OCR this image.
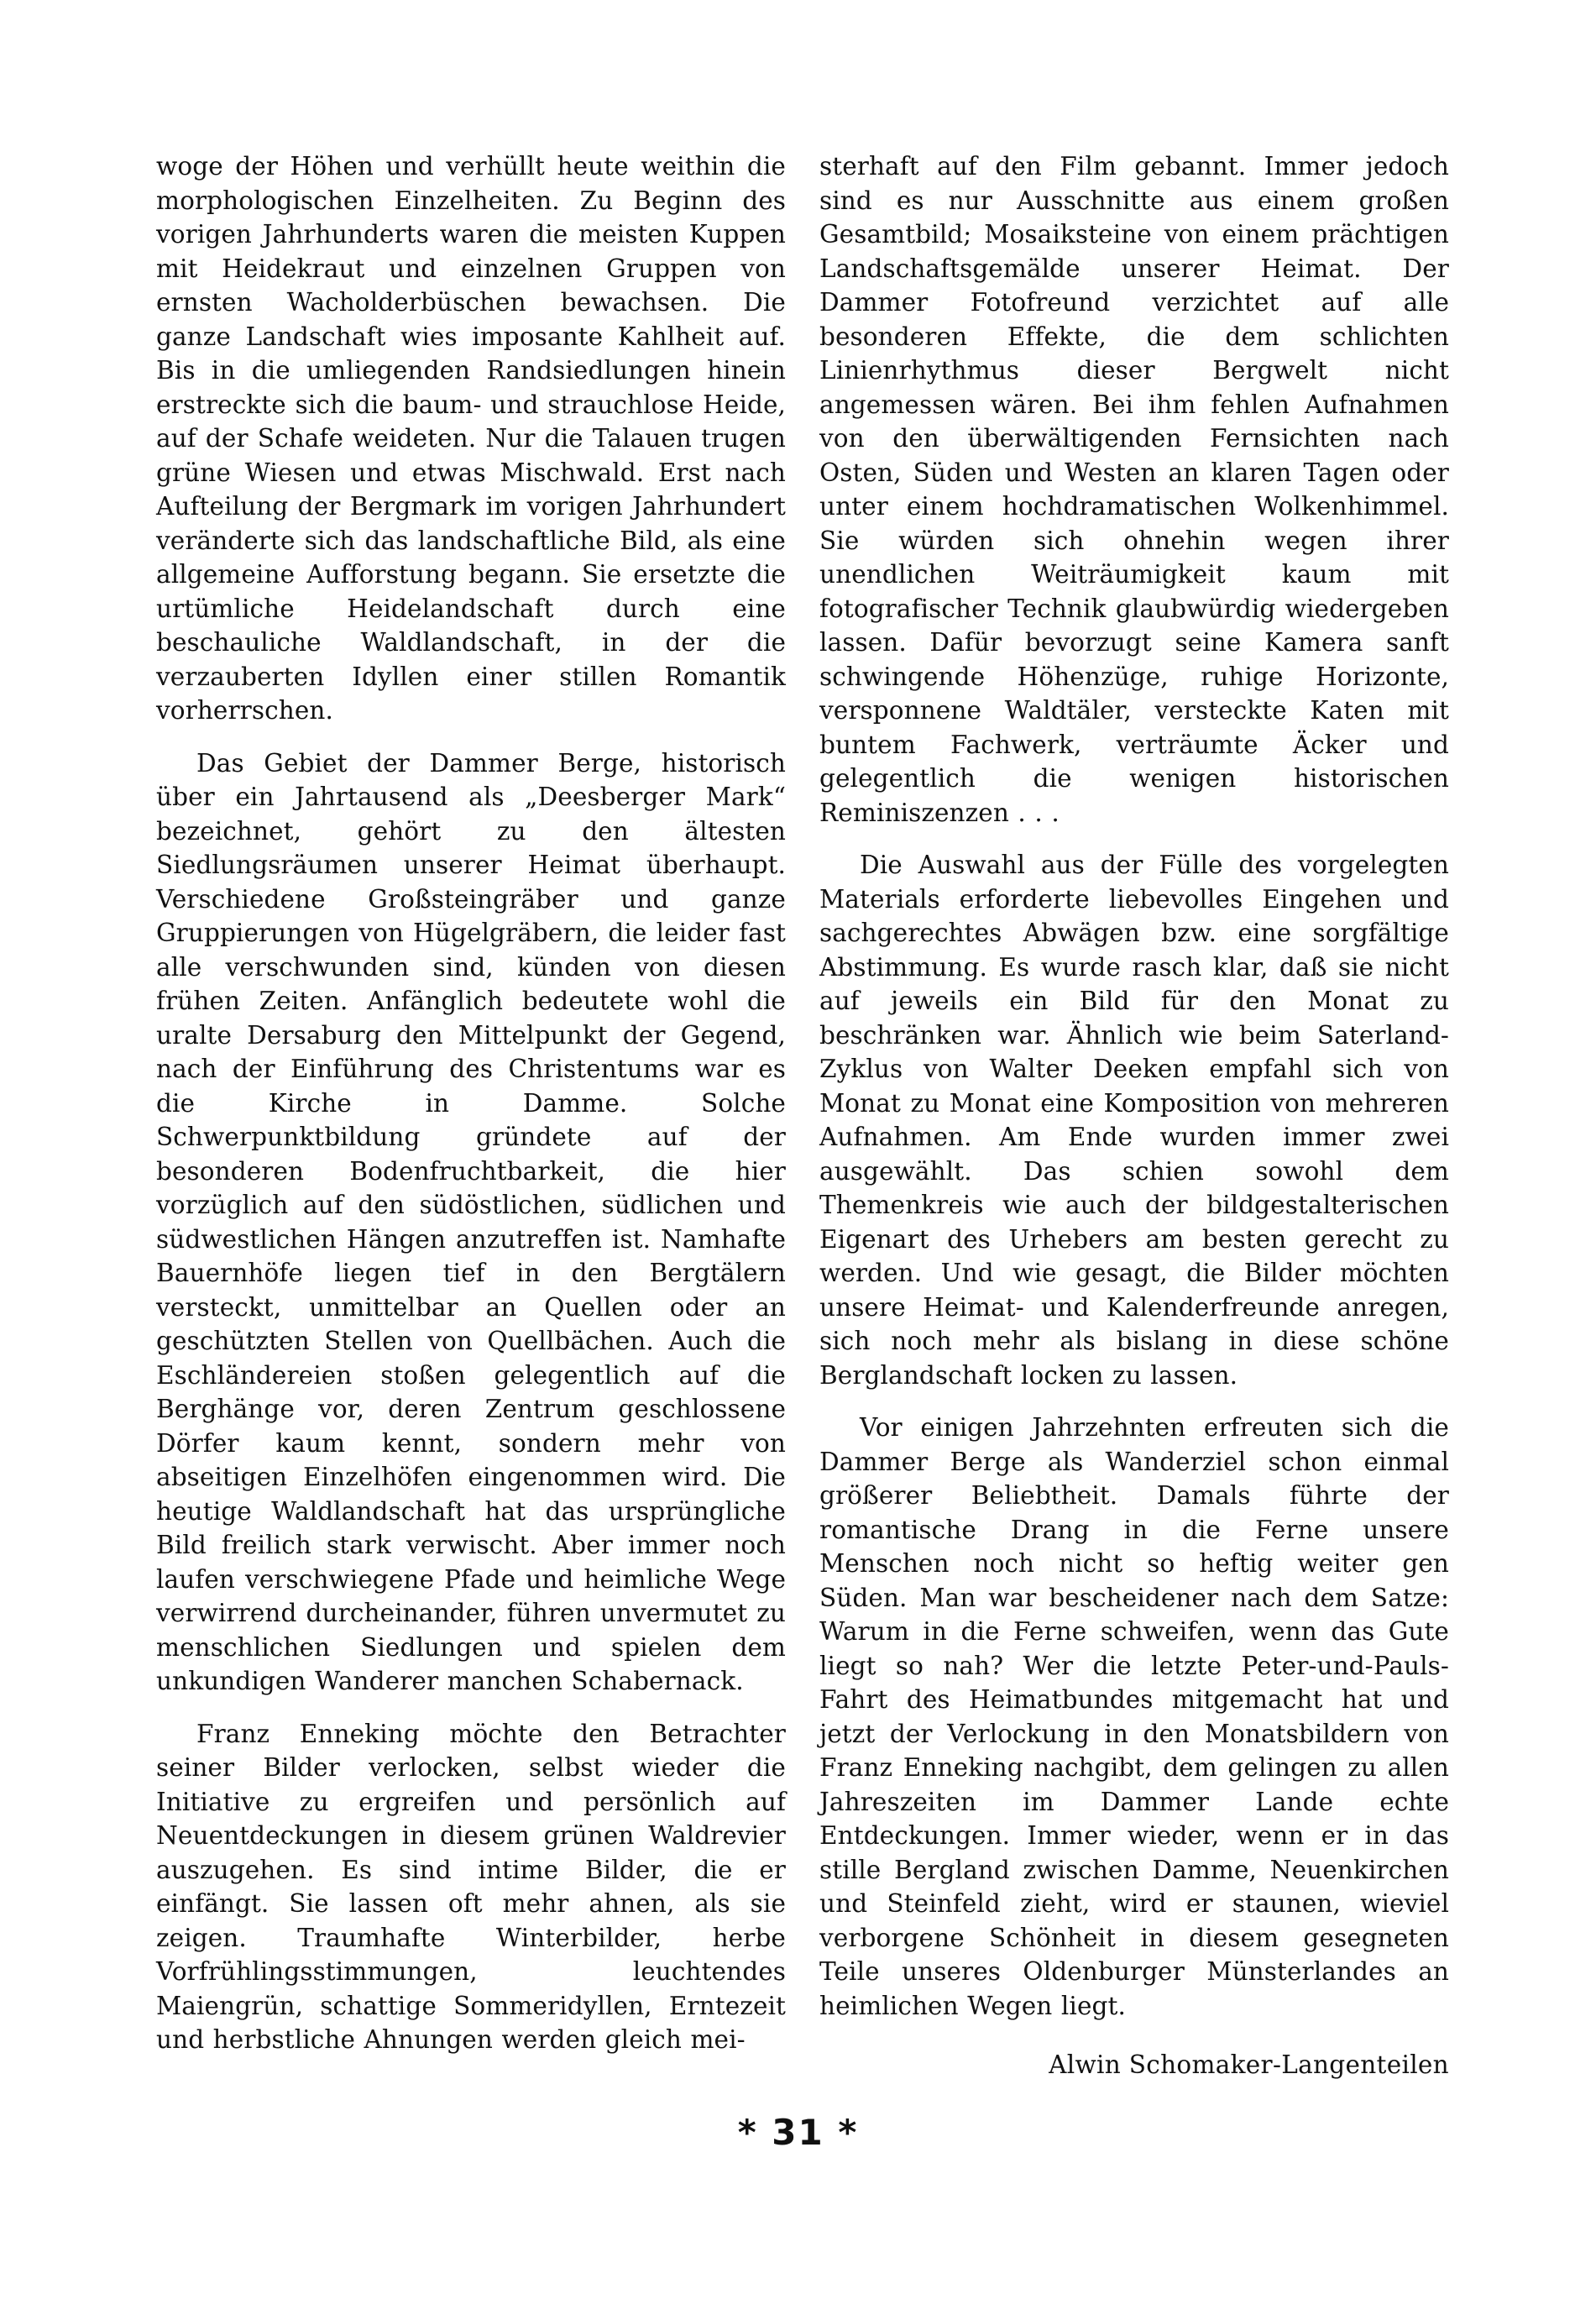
woge der Höhen und verhüllt heute weithin die morphologischen Einzelheiten. Zu Beginn des vorigen Jahrhunderts waren die meisten Kuppen mit Heidekraut und einzelnen Gruppen von ernsten Wacholderbüschen bewachsen. Die ganze Landschaft wies imposante Kahlheit auf. Bis in die umliegenden Randsiedlungen hinein erstreckte sich die baum- und strauchlose Heide, auf der Schafe weideten. Nur die Talauen trugen grüne Wiesen und etwas Mischwald. Erst nach Aufteilung der Bergmark im vorigen Jahrhundert veränderte sich das landschaftliche Bild, als eine allgemeine Aufforstung begann. Sie ersetzte die urtümliche Heidelandschaft durch eine beschauliche Waldlandschaft, in der die verzauberten Idyllen einer stillen Romantik vorherrschen.

Das Gebiet der Dammer Berge, historisch über ein Jahrtausend als „Deesberger Mark“ bezeichnet, gehört zu den ältesten Siedlungsräumen unserer Heimat überhaupt. Verschiedene Großsteingräber und ganze Gruppierungen von Hügelgräbern, die leider fast alle verschwunden sind, künden von diesen frühen Zeiten. Anfänglich bedeutete wohl die uralte Dersaburg den Mittelpunkt der Gegend, nach der Einführung des Christentums war es die Kirche in Damme. Solche Schwerpunktbildung gründete auf der besonderen Bodenfruchtbarkeit, die hier vorzüglich auf den südöstlichen, südlichen und südwestlichen Hängen anzutreffen ist. Namhafte Bauernhöfe liegen tief in den Bergtälern versteckt, unmittelbar an Quellen oder an geschützten Stellen von Quellbächen. Auch die Eschländereien stoßen gelegentlich auf die Berghänge vor, deren Zentrum geschlossene Dörfer kaum kennt, sondern mehr von abseitigen Einzelhöfen eingenommen wird. Die heutige Waldlandschaft hat das ursprüngliche Bild freilich stark verwischt. Aber immer noch laufen verschwiegene Pfade und heimliche Wege verwirrend durcheinander, führen unvermutet zu menschlichen Siedlungen und spielen dem unkundigen Wanderer manchen Schabernack.

Franz Enneking möchte den Betrachter seiner Bilder verlocken, selbst wieder die Initiative zu ergreifen und persönlich auf Neuentdeckungen in diesem grünen Waldrevier auszugehen. Es sind intime Bilder, die er einfängt. Sie lassen oft mehr ahnen, als sie zeigen. Traumhafte Winterbilder, herbe Vorfrühlingsstimmungen, leuchtendes Maiengrün, schattige Sommeridyllen, Erntezeit und herbstliche Ahnungen werden gleich mei-

sterhaft auf den Film gebannt. Immer jedoch sind es nur Ausschnitte aus einem großen Gesamtbild; Mosaiksteine von einem prächtigen Landschaftsgemälde unserer Heimat. Der Dammer Fotofreund verzichtet auf alle besonderen Effekte, die dem schlichten Linienrhythmus dieser Bergwelt nicht angemessen wären. Bei ihm fehlen Aufnahmen von den überwältigenden Fernsichten nach Osten, Süden und Westen an klaren Tagen oder unter einem hochdramatischen Wolkenhimmel. Sie würden sich ohnehin wegen ihrer unendlichen Weiträumigkeit kaum mit fotografischer Technik glaubwürdig wiedergeben lassen. Dafür bevorzugt seine Kamera sanft schwingende Höhenzüge, ruhige Horizonte, versponnene Waldtäler, versteckte Katen mit buntem Fachwerk, verträumte Äcker und gelegentlich die wenigen historischen Reminiszenzen . . .

Die Auswahl aus der Fülle des vorgelegten Materials erforderte liebevolles Eingehen und sachgerechtes Abwägen bzw. eine sorgfältige Abstimmung. Es wurde rasch klar, daß sie nicht auf jeweils ein Bild für den Monat zu beschränken war. Ähnlich wie beim Saterland-Zyklus von Walter Deeken empfahl sich von Monat zu Monat eine Komposition von mehreren Aufnahmen. Am Ende wurden immer zwei ausgewählt. Das schien sowohl dem Themenkreis wie auch der bildgestalterischen Eigenart des Urhebers am besten gerecht zu werden. Und wie gesagt, die Bilder möchten unsere Heimat- und Kalenderfreunde anregen, sich noch mehr als bislang in diese schöne Berglandschaft locken zu lassen.

Vor einigen Jahrzehnten erfreuten sich die Dammer Berge als Wanderziel schon einmal größerer Beliebtheit. Damals führte der romantische Drang in die Ferne unsere Menschen noch nicht so heftig weiter gen Süden. Man war bescheidener nach dem Satze: Warum in die Ferne schweifen, wenn das Gute liegt so nah? Wer die letzte Peter-und-Pauls-Fahrt des Heimatbundes mitgemacht hat und jetzt der Verlockung in den Monatsbildern von Franz Enneking nachgibt, dem gelingen zu allen Jahreszeiten im Dammer Lande echte Entdeckungen. Immer wieder, wenn er in das stille Bergland zwischen Damme, Neuenkirchen und Steinfeld zieht, wird er staunen, wieviel verborgene Schönheit in diesem gesegneten Teile unseres Oldenburger Münsterlandes an heimlichen Wegen liegt.

Alwin Schomaker-Langenteilen

* 31 *
